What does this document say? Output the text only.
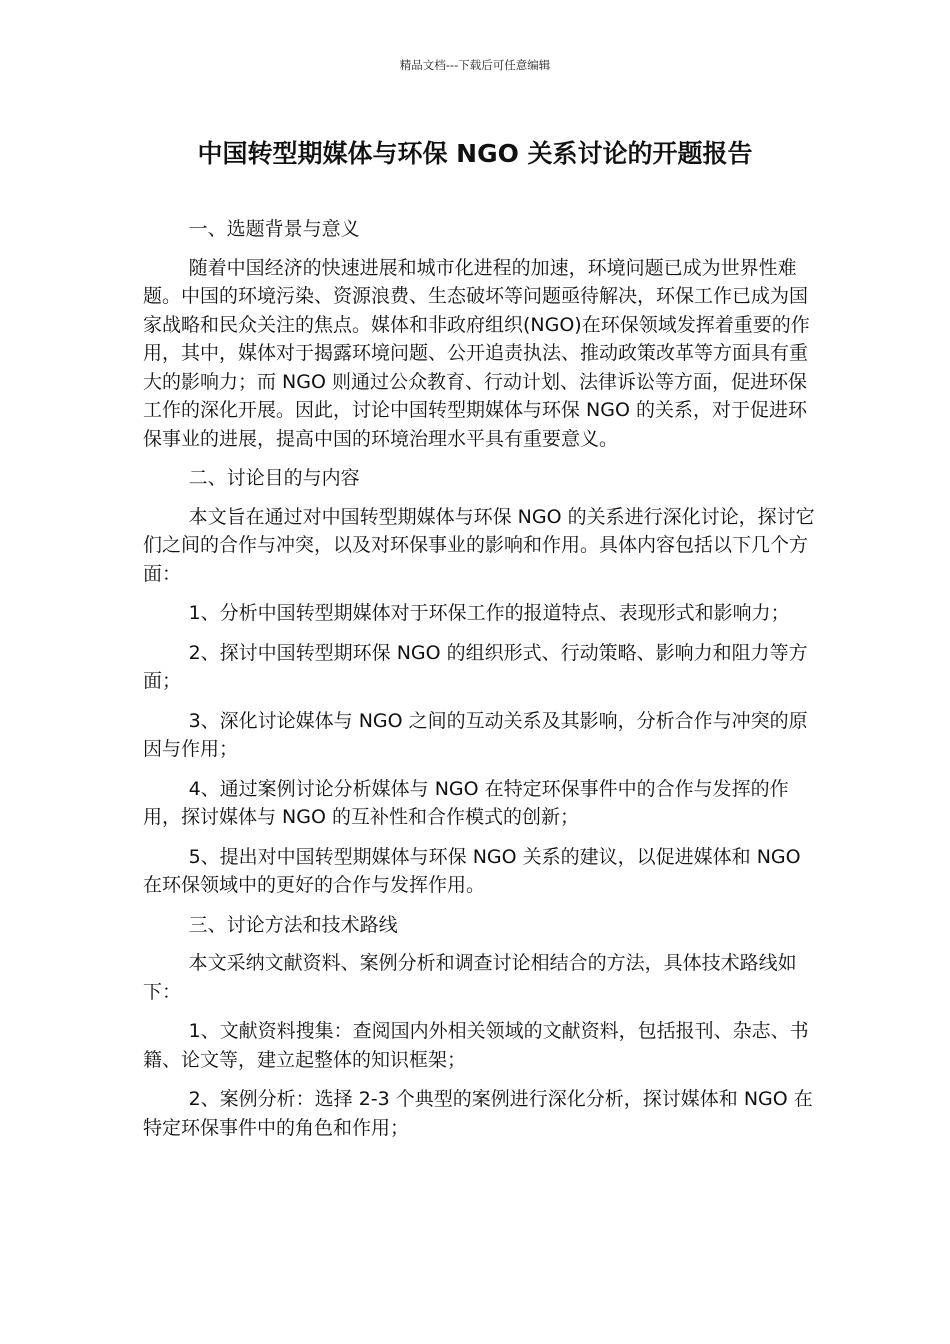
精品文档---下载后可任意编辑
中国转型期媒体与环保 NGO 关系讨论的开题报告

一、选题背景与意义

随着中国经济的快速进展和城市化进程的加速，环境问题已成为世界性难题。中国的环境污染、资源浪费、生态破坏等问题亟待解决，环保工作已成为国家战略和民众关注的焦点。媒体和非政府组织(NGO)在环保领域发挥着重要的作用，其中，媒体对于揭露环境问题、公开追责执法、推动政策改革等方面具有重大的影响力；而 NGO 则通过公众教育、行动计划、法律诉讼等方面，促进环保工作的深化开展。因此，讨论中国转型期媒体与环保 NGO 的关系，对于促进环保事业的进展，提高中国的环境治理水平具有重要意义。

二、讨论目的与内容

本文旨在通过对中国转型期媒体与环保 NGO 的关系进行深化讨论，探讨它们之间的合作与冲突，以及对环保事业的影响和作用。具体内容包括以下几个方面：

1、分析中国转型期媒体对于环保工作的报道特点、表现形式和影响力；

2、探讨中国转型期环保 NGO 的组织形式、行动策略、影响力和阻力等方面；

3、深化讨论媒体与 NGO 之间的互动关系及其影响，分析合作与冲突的原因与作用；

4、通过案例讨论分析媒体与 NGO 在特定环保事件中的合作与发挥的作用，探讨媒体与 NGO 的互补性和合作模式的创新；

5、提出对中国转型期媒体与环保 NGO 关系的建议，以促进媒体和 NGO 在环保领域中的更好的合作与发挥作用。

三、讨论方法和技术路线

本文采纳文献资料、案例分析和调查讨论相结合的方法，具体技术路线如下：

1、文献资料搜集：查阅国内外相关领域的文献资料，包括报刊、杂志、书籍、论文等，建立起整体的知识框架；

2、案例分析：选择 2-3 个典型的案例进行深化分析，探讨媒体和 NGO 在特定环保事件中的角色和作用；
